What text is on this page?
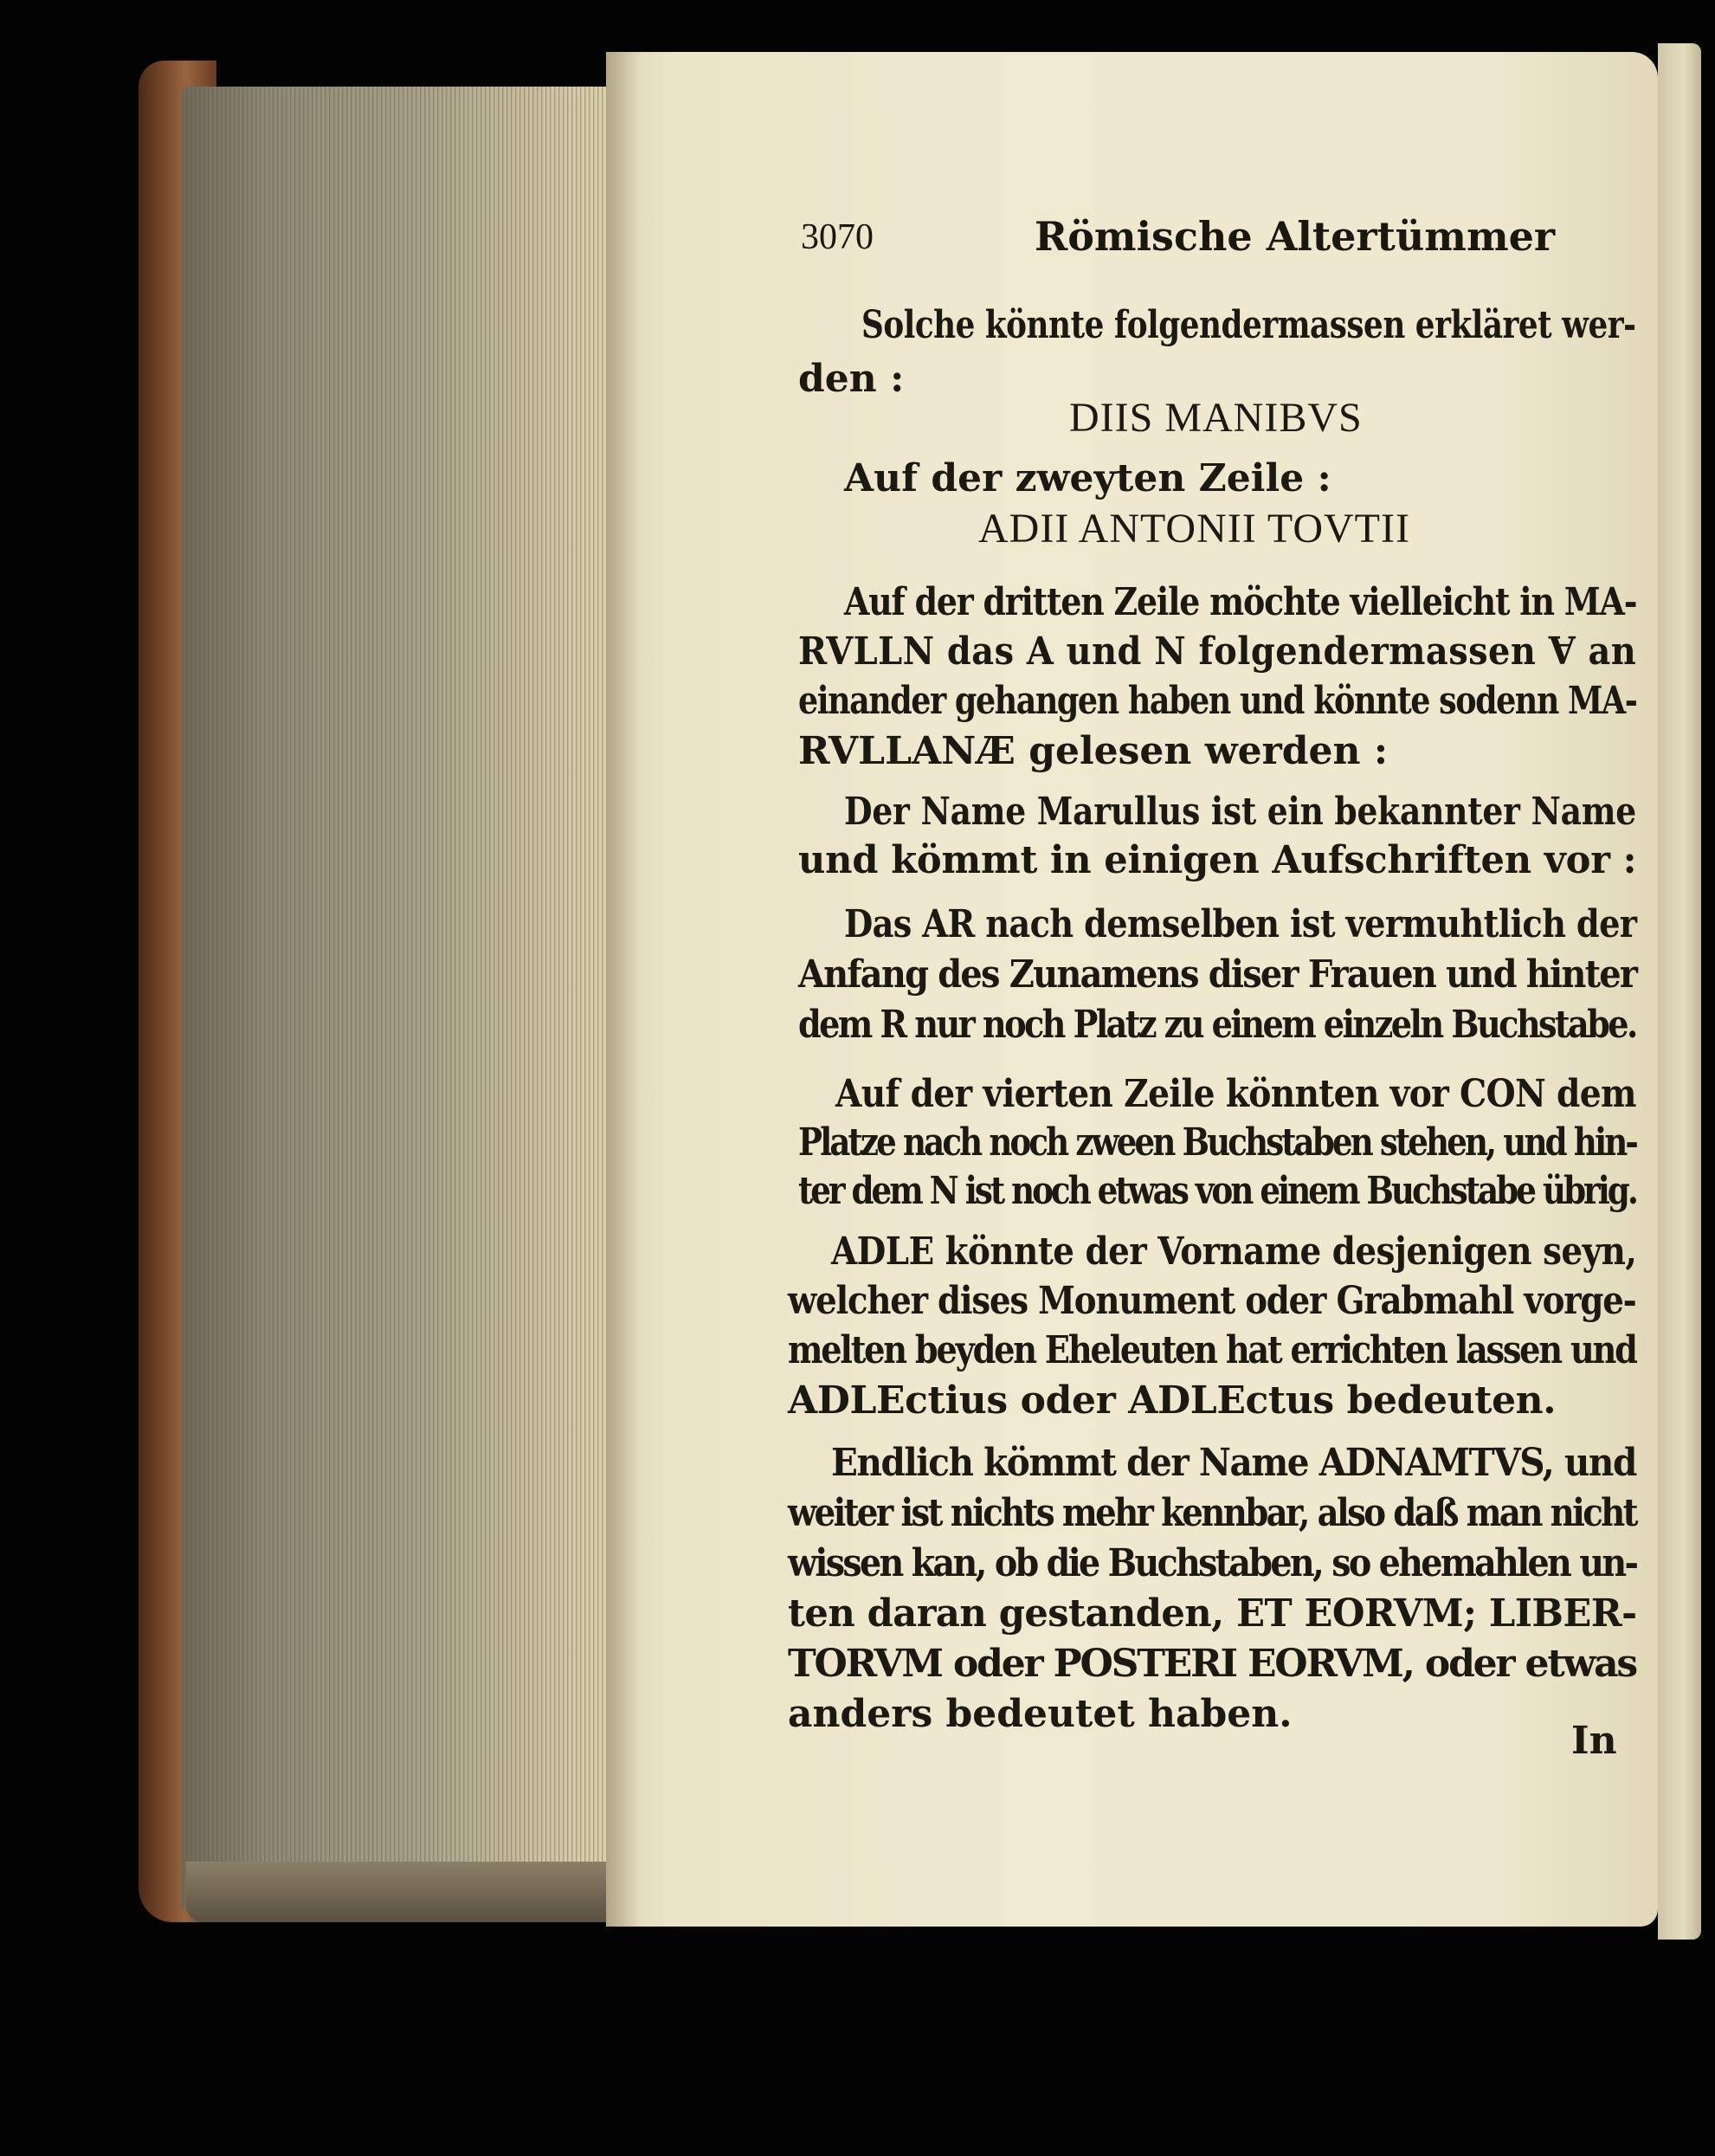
3070	Römische Altertümmer
Solche könnte folgendermassen erkläret wer-
den :
DIIS MANIBVS
Auf der zweyten Zeile :
ADII ANTONII TOVTII
Auf der dritten Zeile möchte vielleicht in MA-
RVLLN das A und N folgendermassen Ɐ an
einander gehangen haben und könnte sodenn MA-
RVLLANÆ gelesen werden :
Der Name Marullus ist ein bekannter Name
und kömmt in einigen Aufschriften vor :
Das AR nach demselben ist vermuhtlich der
Anfang des Zunamens diser Frauen und hinter
dem R nur noch Platz zu einem einzeln Buchstabe.
Auf der vierten Zeile könnten vor CON dem
Platze nach noch zween Buchstaben stehen, und hin-
ter dem N ist noch etwas von einem Buchstabe übrig.
ADLE könnte der Vorname desjenigen seyn,
welcher dises Monument oder Grabmahl vorge-
melten beyden Eheleuten hat errichten lassen und
ADLEctius oder ADLEctus bedeuten.
Endlich kömmt der Name ADNAMTVS, und
weiter ist nichts mehr kennbar, also daß man nicht
wissen kan, ob die Buchstaben, so ehemahlen un-
ten daran gestanden, ET EORVM; LIBER-
TORVM oder POSTERI EORVM, oder etwas
anders bedeutet haben.
In
